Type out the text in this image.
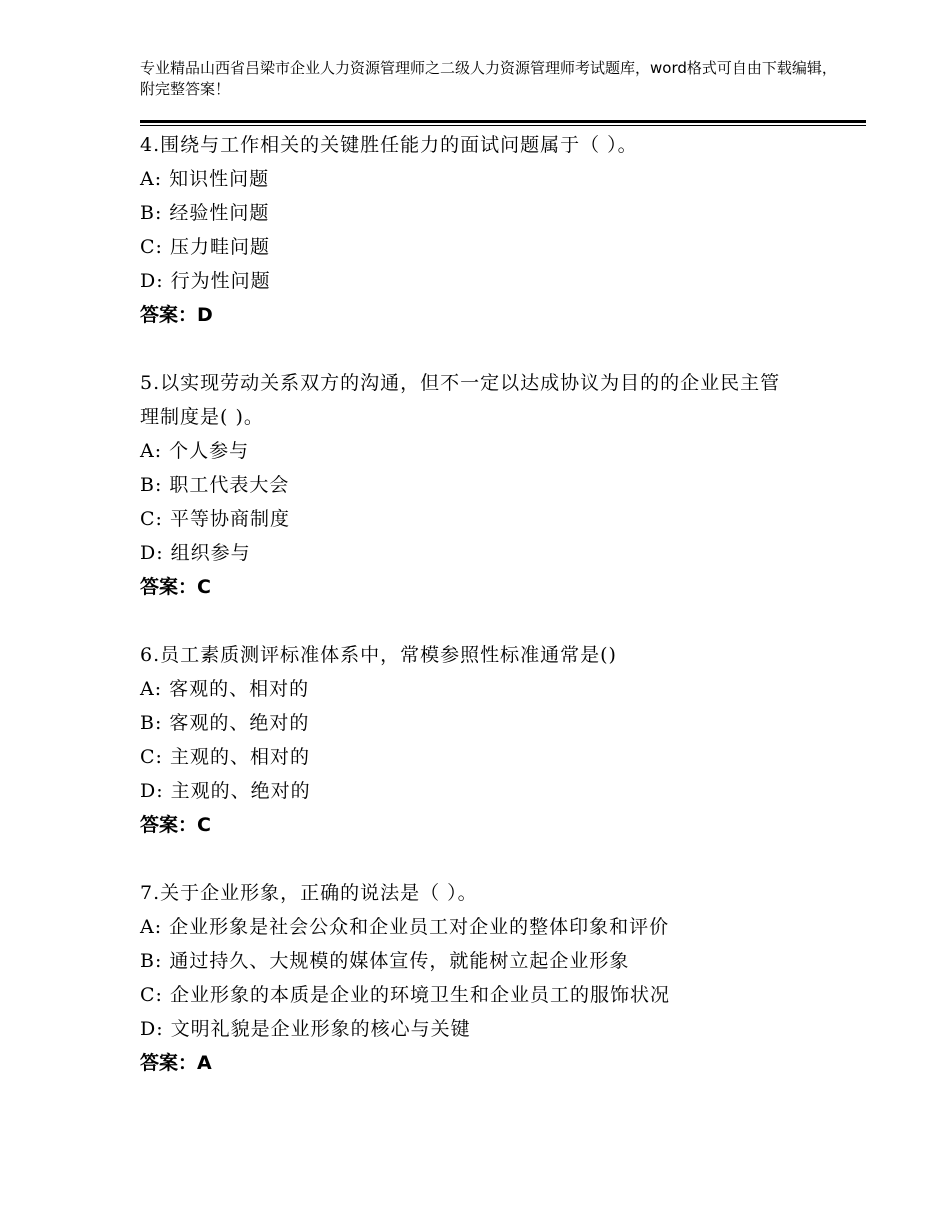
专业精品山西省吕梁市企业人力资源管理师之二级人力资源管理师考试题库，word格式可自由下载编辑，附完整答案！
4.围绕与工作相关的关键胜任能力的面试问题属于（ ）。
A: 知识性问题
B: 经验性问题
C: 压力畦问题
D: 行为性问题
答案：D
5.以实现劳动关系双方的沟通，但不一定以达成协议为目的的企业民主管理制度是( )。
A: 个人参与
B: 职工代表大会
C: 平等协商制度
D: 组织参与
答案：C
6.员工素质测评标准体系中，常模参照性标准通常是()
A: 客观的、相对的
B: 客观的、绝对的
C: 主观的、相对的
D: 主观的、绝对的
答案：C
7.关于企业形象，正确的说法是（ ）。
A: 企业形象是社会公众和企业员工对企业的整体印象和评价
B: 通过持久、大规模的媒体宣传，就能树立起企业形象
C: 企业形象的本质是企业的环境卫生和企业员工的服饰状况
D: 文明礼貌是企业形象的核心与关键
答案：A
